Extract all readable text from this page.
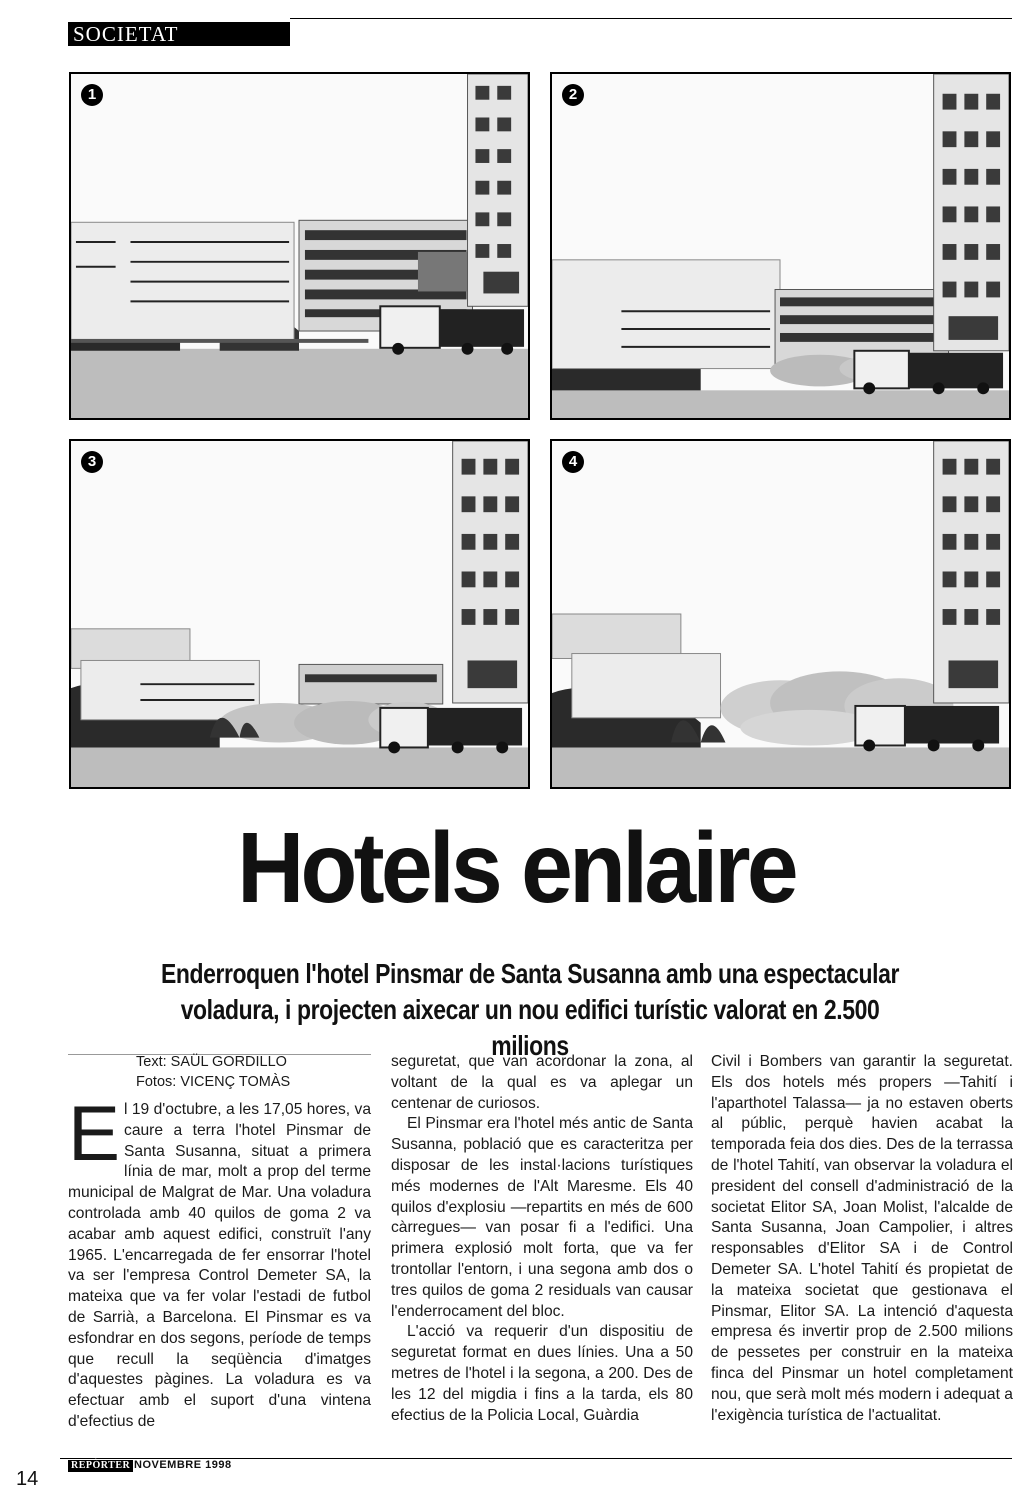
SOCIETAT
1	2
3	4
Hotels enlaire
Enderroquen l'hotel Pinsmar de Santa Susanna amb una espectacular voladura, i projecten aixecar un nou edifici turístic valorat en 2.500 milions
Text: SAÜL GORDILLO
Fotos: VICENÇ TOMÀS

El 19 d'octubre, a les 17,05 hores, va caure a terra l'hotel Pinsmar de Santa Susanna, situat a primera línia de mar, molt a prop del terme municipal de Malgrat de Mar. Una voladura controlada amb 40 quilos de goma 2 va acabar amb aquest edifici, construït l'any 1965. L'encarregada de fer ensorrar l'hotel va ser l'empresa Control Demeter SA, la mateixa que va fer volar l'estadi de futbol de Sarrià, a Barcelona. El Pinsmar es va esfondrar en dos segons, període de temps que recull la seqüència d'imatges d'aquestes pàgines. La voladura es va efectuar amb el suport d'una vintena d'efectius de

seguretat, que van acordonar la zona, al voltant de la qual es va aplegar un centenar de curiosos.

El Pinsmar era l'hotel més antic de Santa Susanna, població que es caracteritza per disposar de les instal·lacions turístiques més modernes de l'Alt Maresme. Els 40 quilos d'explosiu —repartits en més de 600 càrregues— van posar fi a l'edifici. Una primera explosió molt forta, que va fer trontollar l'entorn, i una segona amb dos o tres quilos de goma 2 residuals van causar l'enderrocament del bloc.

L'acció va requerir d'un dispositiu de seguretat format en dues línies. Una a 50 metres de l'hotel i la segona, a 200. Des de les 12 del migdia i fins a la tarda, els 80 efectius de la Policia Local, Guàrdia

Civil i Bombers van garantir la seguretat. Els dos hotels més propers —Tahití i l'aparthotel Talassa— ja no estaven oberts al públic, perquè havien acabat la temporada feia dos dies. Des de la terrassa de l'hotel Tahití, van observar la voladura el president del consell d'administració de la societat Elitor SA, Joan Molist, l'alcalde de Santa Susanna, Joan Campolier, i altres responsables d'Elitor SA i de Control Demeter SA. L'hotel Tahití és propietat de la mateixa societat que gestionava el Pinsmar, Elitor SA. La intenció d'aquesta empresa és invertir prop de 2.500 milions de pessetes per construir en la mateixa finca del Pinsmar un hotel completament nou, que serà molt més modern i adequat a l'exigència turística de l'actualitat.

REPÒRTER NOVEMBRE 1998
14
